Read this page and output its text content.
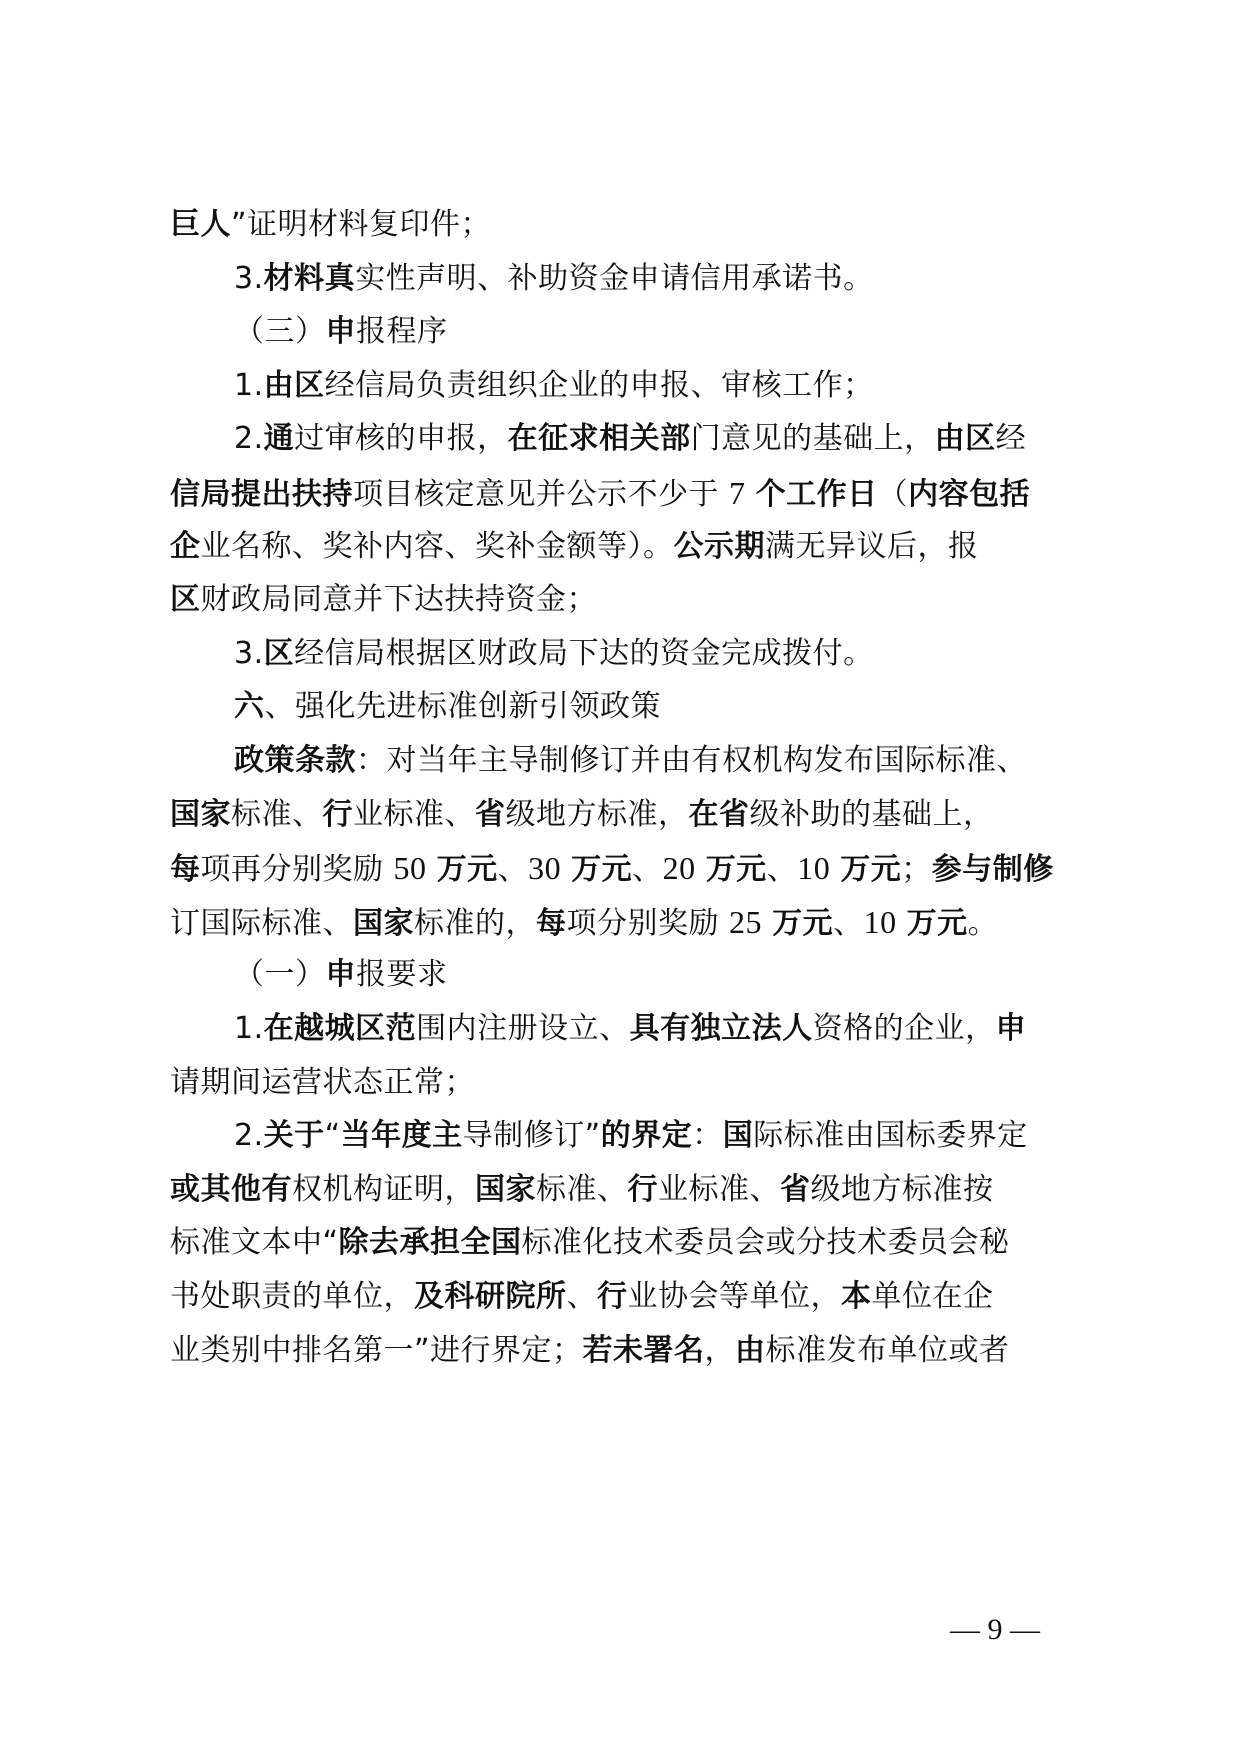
巨人”证明材料复印件；
3.材料真实性声明、补助资金申请信用承诺书。
（三）申报程序
1.由区经信局负责组织企业的申报、审核工作；
2.通过审核的申报，在征求相关部门意见的基础上，由区经
信局提出扶持项目核定意见并公示不少于 7 个工作日（内容包括
企业名称、奖补内容、奖补金额等）。公示期满无异议后，报
区财政局同意并下达扶持资金；
3.区经信局根据区财政局下达的资金完成拨付。
六、强化先进标准创新引领政策
政策条款：对当年主导制修订并由有权机构发布国际标准、
国家标准、行业标准、省级地方标准，在省级补助的基础上，
每项再分别奖励 50 万元、30 万元、20 万元、10 万元；参与制修
订国际标准、国家标准的，每项分别奖励 25 万元、10 万元。
（一）申报要求
1.在越城区范围内注册设立、具有独立法人资格的企业，申
请期间运营状态正常；
2.关于“当年度主导制修订”的界定：国际标准由国标委界定
或其他有权机构证明，国家标准、行业标准、省级地方标准按
标准文本中“除去承担全国标准化技术委员会或分技术委员会秘
书处职责的单位，及科研院所、行业协会等单位，本单位在企
业类别中排名第一”进行界定；若未署名，由标准发布单位或者
— 9 —
